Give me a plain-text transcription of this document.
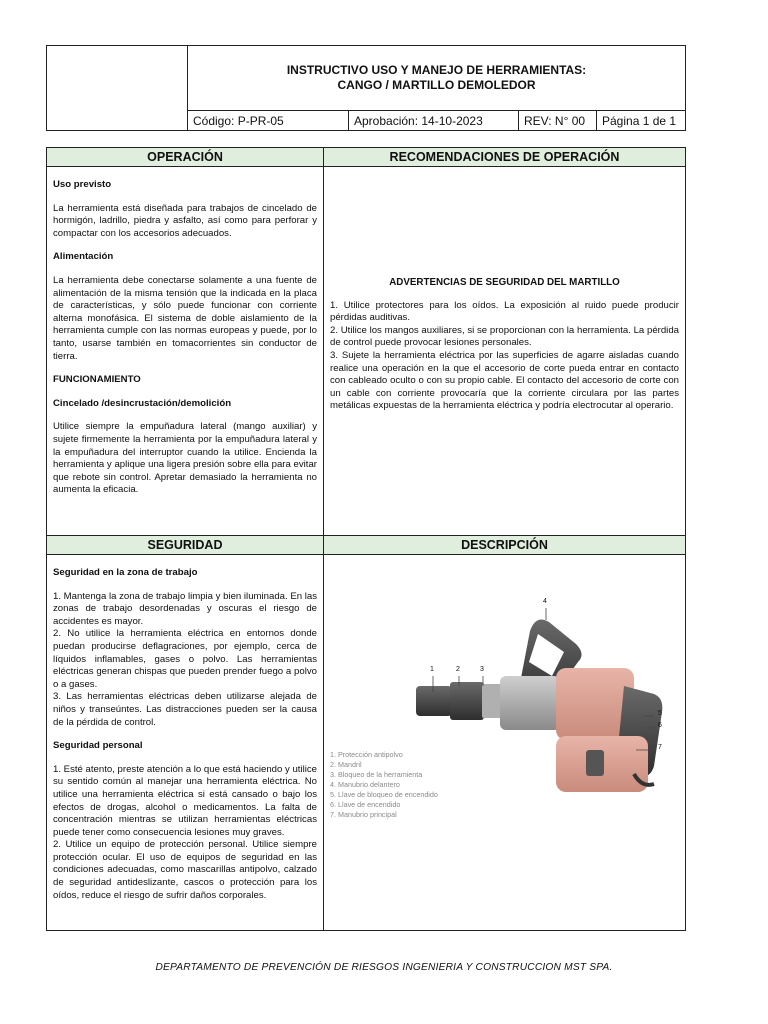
INSTRUCTIVO USO Y MANEJO DE HERRAMIENTAS:
CANGO / MARTILLO DEMOLEDOR
Código: P-PR-05	Aprobación: 14-10-2023	REV: N° 00	Página 1 de 1
OPERACIÓN
Uso previsto

La herramienta está diseñada para trabajos de cincelado de hormigón, ladrillo, piedra y asfalto, así como para perforar y compactar con los accesorios adecuados.

Alimentación

La herramienta debe conectarse solamente a una fuente de alimentación de la misma tensión que la indicada en la placa de características, y sólo puede funcionar con corriente alterna monofásica. El sistema de doble aislamiento de la herramienta cumple con las normas europeas y puede, por lo tanto, usarse también en tomacorrientes sin conductor de tierra.

FUNCIONAMIENTO
Cincelado /desincrustación/demolición

Utilice siempre la empuñadura lateral (mango auxiliar) y sujete firmemente la herramienta por la empuñadura lateral y la empuñadura del interruptor cuando la utilice. Encienda la herramienta y aplique una ligera presión sobre ella para evitar que rebote sin control. Apretar demasiado la herramienta no aumenta la eficacia.

RECOMENDACIONES DE OPERACIÓN
ADVERTENCIAS DE SEGURIDAD DEL MARTILLO

1. Utilice protectores para los oídos. La exposición al ruido puede producir pérdidas auditivas.

2. Utilice los mangos auxiliares, si se proporcionan con la herramienta. La pérdida de control puede provocar lesiones personales.

3. Sujete la herramienta eléctrica por las superficies de agarre aisladas cuando realice una operación en la que el accesorio de corte pueda entrar en contacto con cableado oculto o con su propio cable. El contacto del accesorio de corte con un cable con corriente provocaría que la corriente circulara por las partes metálicas expuestas de la herramienta eléctrica y podría electrocutar al operario.

SEGURIDAD
Seguridad en la zona de trabajo

1. Mantenga la zona de trabajo limpia y bien iluminada. En las zonas de trabajo desordenadas y oscuras el riesgo de accidentes es mayor.

2. No utilice la herramienta eléctrica en entornos donde puedan producirse deflagraciones, por ejemplo, cerca de líquidos inflamables, gases o polvo. Las herramientas eléctricas generan chispas que pueden prender fuego a polvo o a gases.

3. Las herramientas eléctricas deben utilizarse alejada de niños y transeúntes. Las distracciones pueden ser la causa de la pérdida de control.

Seguridad personal

1. Esté atento, preste atención a lo que está haciendo y utilice su sentido común al manejar una herramienta eléctrica. No utilice una herramienta eléctrica si está cansado o bajo los efectos de drogas, alcohol o medicamentos. La falta de concentración mientras se utilizan herramientas eléctricas puede tener como consecuencia lesiones muy graves.

2. Utilice un equipo de protección personal. Utilice siempre protección ocular. El uso de equipos de seguridad en las condiciones adecuadas, como mascarillas antipolvo, calzado de seguridad antideslizante, cascos o protección para los oídos, reduce el riesgo de sufrir daños corporales.

DESCRIPCIÓN
1	2	3
4
5
6
7
1. Protección antipolvo
2. Mandril
3. Bloqueo de la herramienta
4. Manubrio delantero
5. Llave de bloqueo de encendido
6. Llave de encendido
7. Manubrio principal
DEPARTAMENTO DE PREVENCIÓN DE RIESGOS INGENIERIA Y CONSTRUCCION MST SPA.
